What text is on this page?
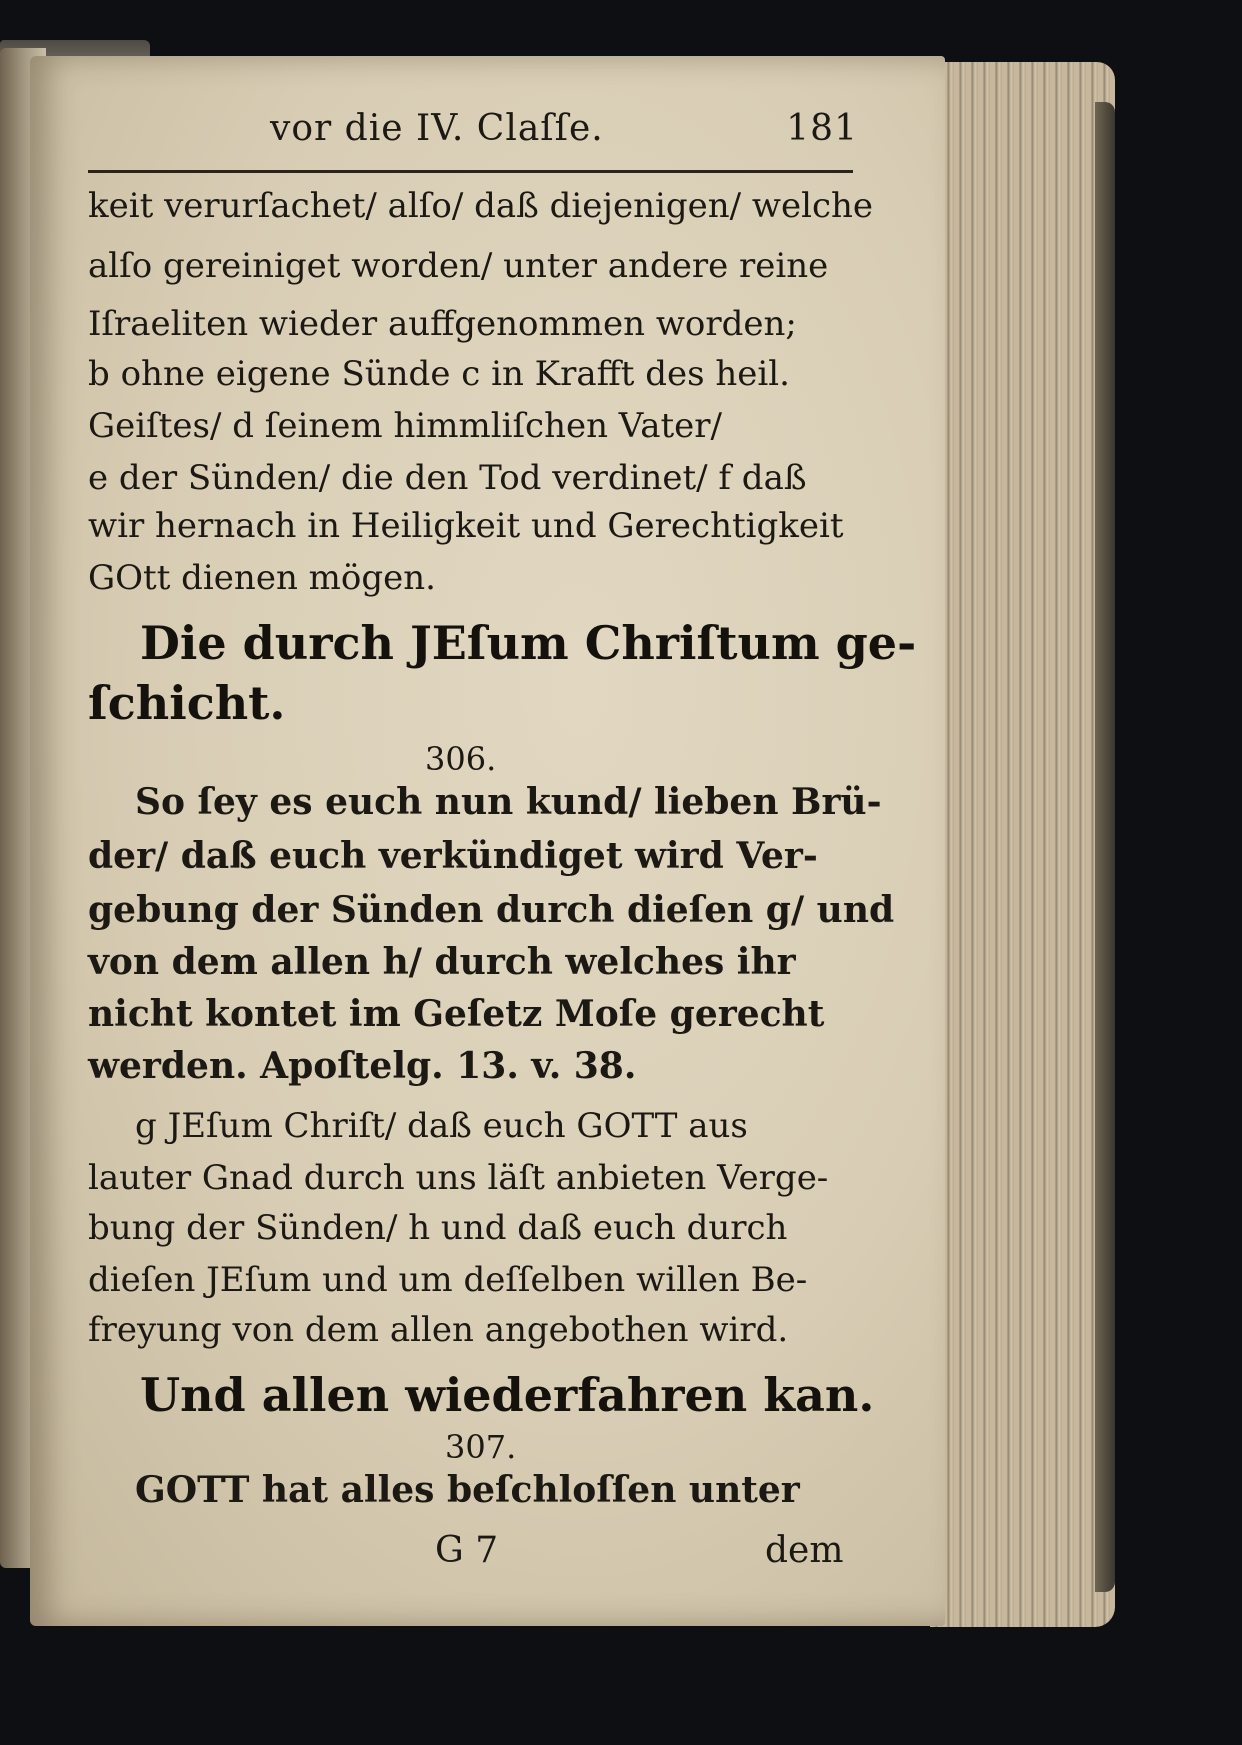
vor die IV. Claſſe.	181
keit verurſachet/ alſo/ daß diejenigen/ welche
alſo gereiniget worden/ unter andere reine
Iſraeliten wieder auffgenommen worden;
b ohne eigene Sünde c in Krafft des heil.
Geiſtes/ d ſeinem himmliſchen Vater/
e der Sünden/ die den Tod verdinet/ f daß
wir hernach in Heiligkeit und Gerechtigkeit
GOtt dienen mögen.
Die durch JEſum Chriſtum ge-
ſchicht.
306.
So ſey es euch nun kund/ lieben Brü-
der/ daß euch verkündiget wird Ver-
gebung der Sünden durch dieſen g/ und
von dem allen h/ durch welches ihr
nicht kontet im Geſetz Moſe gerecht
werden. Apoſtelg. 13. v. 38.
g JEſum Chriſt/ daß euch GOTT aus
lauter Gnad durch uns läſt anbieten Verge-
bung der Sünden/ h und daß euch durch
dieſen JEſum und um deſſelben willen Be-
freyung von dem allen angebothen wird.
Und allen wiederfahren kan.
307.
GOTT hat alles beſchloſſen unter
G 7	dem
